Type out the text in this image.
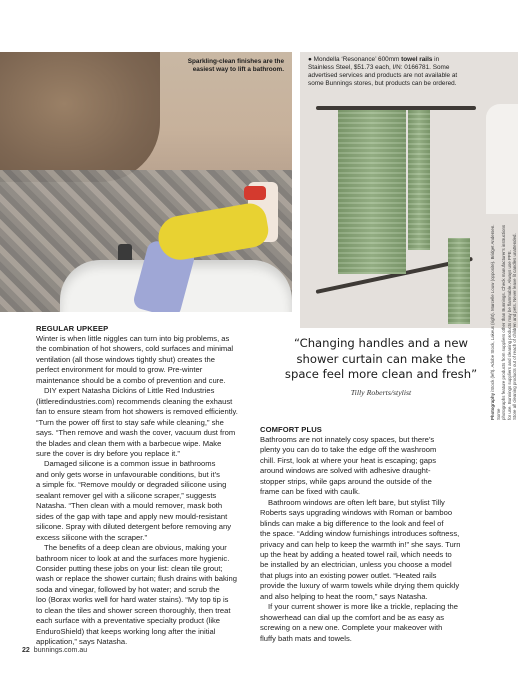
Sparkling-clean finishes are the
easiest way to lift a bathroom.
● Mondella ‘Resonance’ 600mm towel rails in
Stainless Steel, $51.73 each, I/N: 0166781. Some
advertised services and products are not available at
some Bunnings stores, but products can be ordered.
REGULAR UPKEEP

Winter is when little niggles can turn into big problems, as

the combination of hot showers, cold surfaces and minimal

ventilation (all those windows tightly shut) creates the

perfect environment for mould to grow. Pre-winter

maintenance should be a combo of prevention and cure.

DIY expert Natasha Dickins of Little Red Industries

(littleredindustries.com) recommends cleaning the exhaust

fan to ensure steam from hot showers is removed efficiently.

“Turn the power off first to stay safe while cleaning,” she

says. “Then remove and wash the cover, vacuum dust from

the blades and clean them with a barbecue wipe. Make

sure the cover is dry before you replace it.”

Damaged silicone is a common issue in bathrooms

and only gets worse in unfavourable conditions, but it’s

a simple fix. “Remove mouldy or degraded silicone using

sealant remover gel with a silicone scraper,” suggests

Natasha. “Then clean with a mould remover, mask both

sides of the gap with tape and apply new mould-resistant

silicone. Spray with diluted detergent before removing any

excess silicone with the scraper.”

The benefits of a deep clean are obvious, making your

bathroom nicer to look at and the surfaces more hygienic.

Consider putting these jobs on your list: clean tile grout;

wash or replace the shower curtain; flush drains with baking

soda and vinegar, followed by hot water; and scrub the

loo (Borax works well for hard water stains). “My top tip is

to clean the tiles and shower screen thoroughly, then treat

each surface with a preventative specialty product (like

EnduroShield) that keeps working long after the initial

application,” says Natasha.

“Changing handles and a new
shower curtain can make the
space feel more clean and fresh”
Tilly Roberts/stylist
COMFORT PLUS

Bathrooms are not innately cosy spaces, but there’s

plenty you can do to take the edge off the washroom

chill. First, look at where your heat is escaping; gaps

around windows are solved with adhesive draught-

stopper strips, while gaps around the outside of the

frame can be fixed with caulk.

Bathroom windows are often left bare, but stylist Tilly

Roberts says upgrading windows with Roman or bamboo

blinds can make a big difference to the look and feel of

the space. “Adding window furnishings introduces softness,

privacy and can help to keep the warmth in!” she says. Turn

up the heat by adding a heated towel rail, which needs to

be installed by an electrician, unless you choose a model

that plugs into an existing power outlet. “Heated rails

provide the luxury of warm towels while drying them quickly

and also helping to heat the room,” says Natasha.

If your current shower is more like a trickle, replacing the

showerhead can dial up the comfort and be as easy as

screwing on a new one. Complete your makeover with

fluffy bath mats and towels.

Photography iStock (left). Adobe Stock, Lakeus (right). Marcelle Louw (opposite). Bridget Andersen. Some photographs feature products from suppliers other than Bunnings. Check manufacturer's instructions for use. Bunnings suppliers and cleaning products may be flammable. Always use PPE. Store all cleaning products out of reach of children and pets. Never leave lit candles unattended.
22 bunnings.com.au
